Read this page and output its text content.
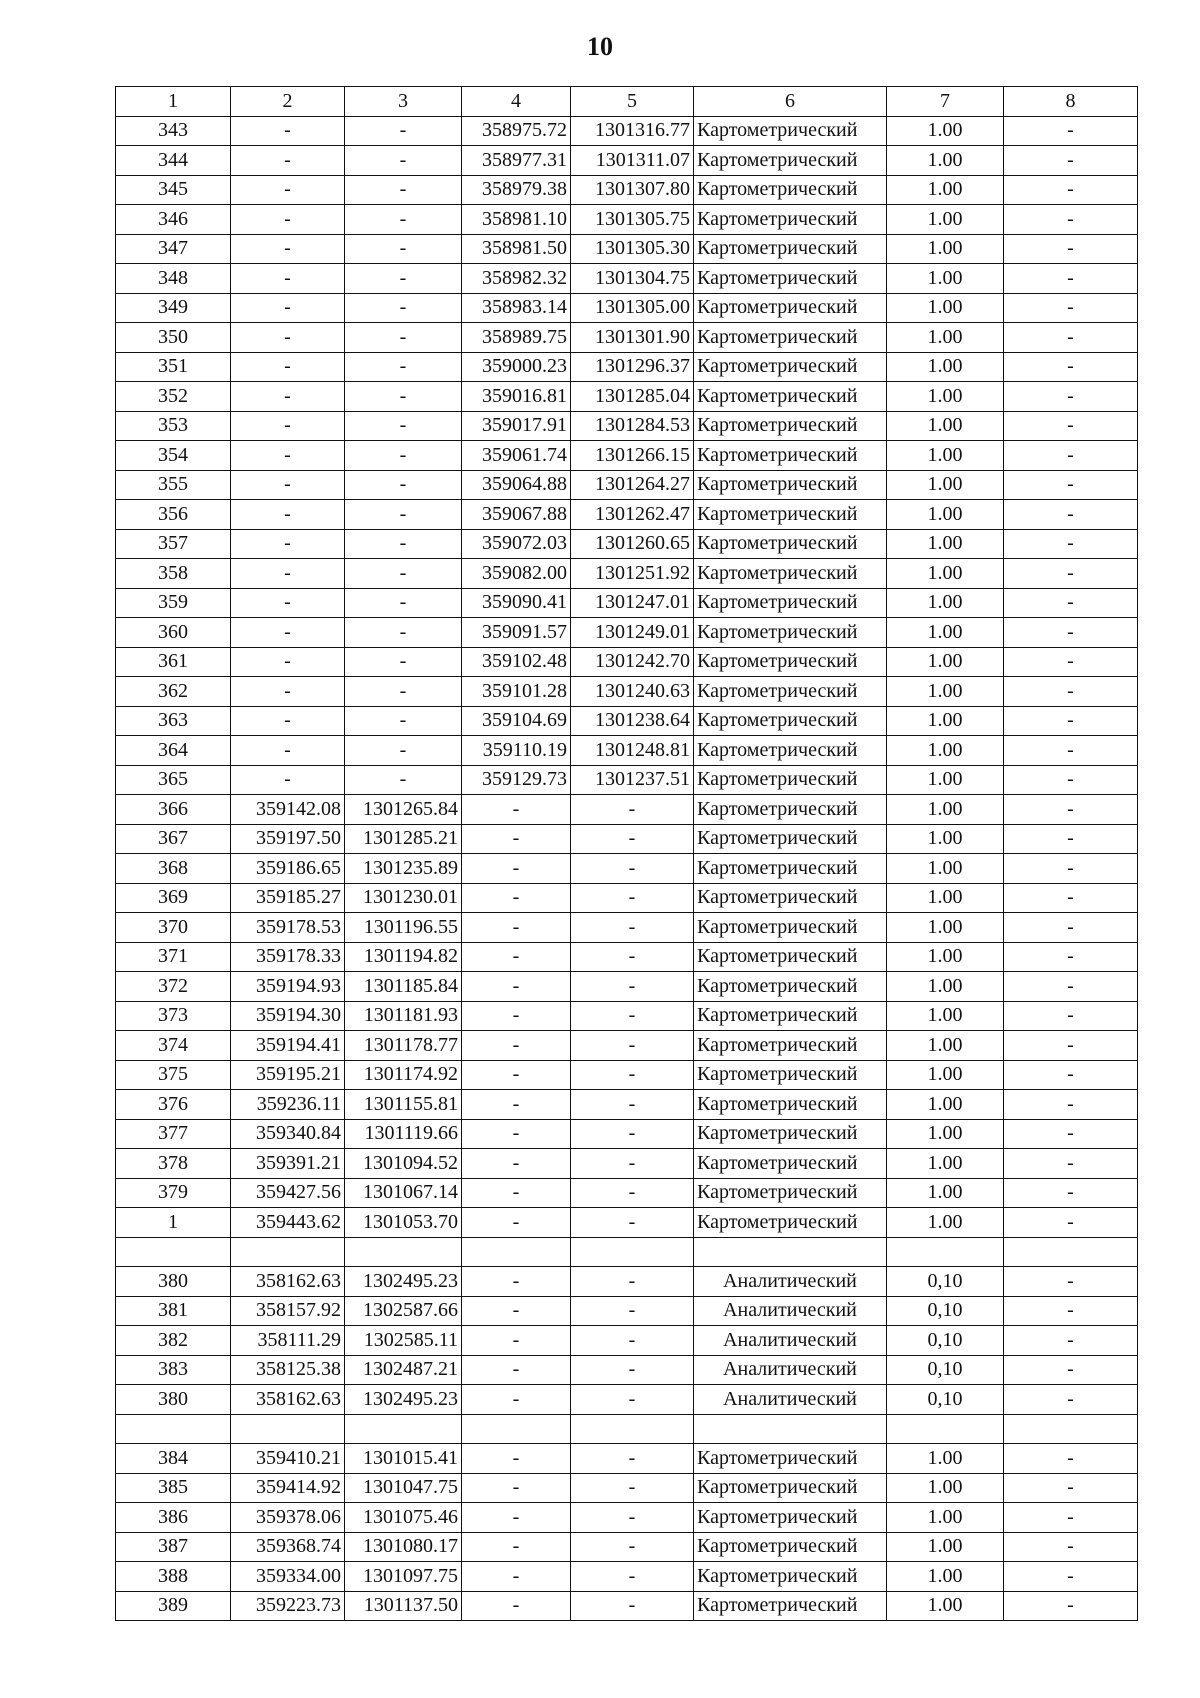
10
1	2	3	4	5	6	7	8
343	-	-	358975.72	1301316.77	Картометрический	1.00	-
344	-	-	358977.31	1301311.07	Картометрический	1.00	-
345	-	-	358979.38	1301307.80	Картометрический	1.00	-
346	-	-	358981.10	1301305.75	Картометрический	1.00	-
347	-	-	358981.50	1301305.30	Картометрический	1.00	-
348	-	-	358982.32	1301304.75	Картометрический	1.00	-
349	-	-	358983.14	1301305.00	Картометрический	1.00	-
350	-	-	358989.75	1301301.90	Картометрический	1.00	-
351	-	-	359000.23	1301296.37	Картометрический	1.00	-
352	-	-	359016.81	1301285.04	Картометрический	1.00	-
353	-	-	359017.91	1301284.53	Картометрический	1.00	-
354	-	-	359061.74	1301266.15	Картометрический	1.00	-
355	-	-	359064.88	1301264.27	Картометрический	1.00	-
356	-	-	359067.88	1301262.47	Картометрический	1.00	-
357	-	-	359072.03	1301260.65	Картометрический	1.00	-
358	-	-	359082.00	1301251.92	Картометрический	1.00	-
359	-	-	359090.41	1301247.01	Картометрический	1.00	-
360	-	-	359091.57	1301249.01	Картометрический	1.00	-
361	-	-	359102.48	1301242.70	Картометрический	1.00	-
362	-	-	359101.28	1301240.63	Картометрический	1.00	-
363	-	-	359104.69	1301238.64	Картометрический	1.00	-
364	-	-	359110.19	1301248.81	Картометрический	1.00	-
365	-	-	359129.73	1301237.51	Картометрический	1.00	-
366	359142.08	1301265.84	-	-	Картометрический	1.00	-
367	359197.50	1301285.21	-	-	Картометрический	1.00	-
368	359186.65	1301235.89	-	-	Картометрический	1.00	-
369	359185.27	1301230.01	-	-	Картометрический	1.00	-
370	359178.53	1301196.55	-	-	Картометрический	1.00	-
371	359178.33	1301194.82	-	-	Картометрический	1.00	-
372	359194.93	1301185.84	-	-	Картометрический	1.00	-
373	359194.30	1301181.93	-	-	Картометрический	1.00	-
374	359194.41	1301178.77	-	-	Картометрический	1.00	-
375	359195.21	1301174.92	-	-	Картометрический	1.00	-
376	359236.11	1301155.81	-	-	Картометрический	1.00	-
377	359340.84	1301119.66	-	-	Картометрический	1.00	-
378	359391.21	1301094.52	-	-	Картометрический	1.00	-
379	359427.56	1301067.14	-	-	Картометрический	1.00	-
1	359443.62	1301053.70	-	-	Картометрический	1.00	-

380	358162.63	1302495.23	-	-	Аналитический	0,10	-
381	358157.92	1302587.66	-	-	Аналитический	0,10	-
382	358111.29	1302585.11	-	-	Аналитический	0,10	-
383	358125.38	1302487.21	-	-	Аналитический	0,10	-
380	358162.63	1302495.23	-	-	Аналитический	0,10	-

384	359410.21	1301015.41	-	-	Картометрический	1.00	-
385	359414.92	1301047.75	-	-	Картометрический	1.00	-
386	359378.06	1301075.46	-	-	Картометрический	1.00	-
387	359368.74	1301080.17	-	-	Картометрический	1.00	-
388	359334.00	1301097.75	-	-	Картометрический	1.00	-
389	359223.73	1301137.50	-	-	Картометрический	1.00	-
